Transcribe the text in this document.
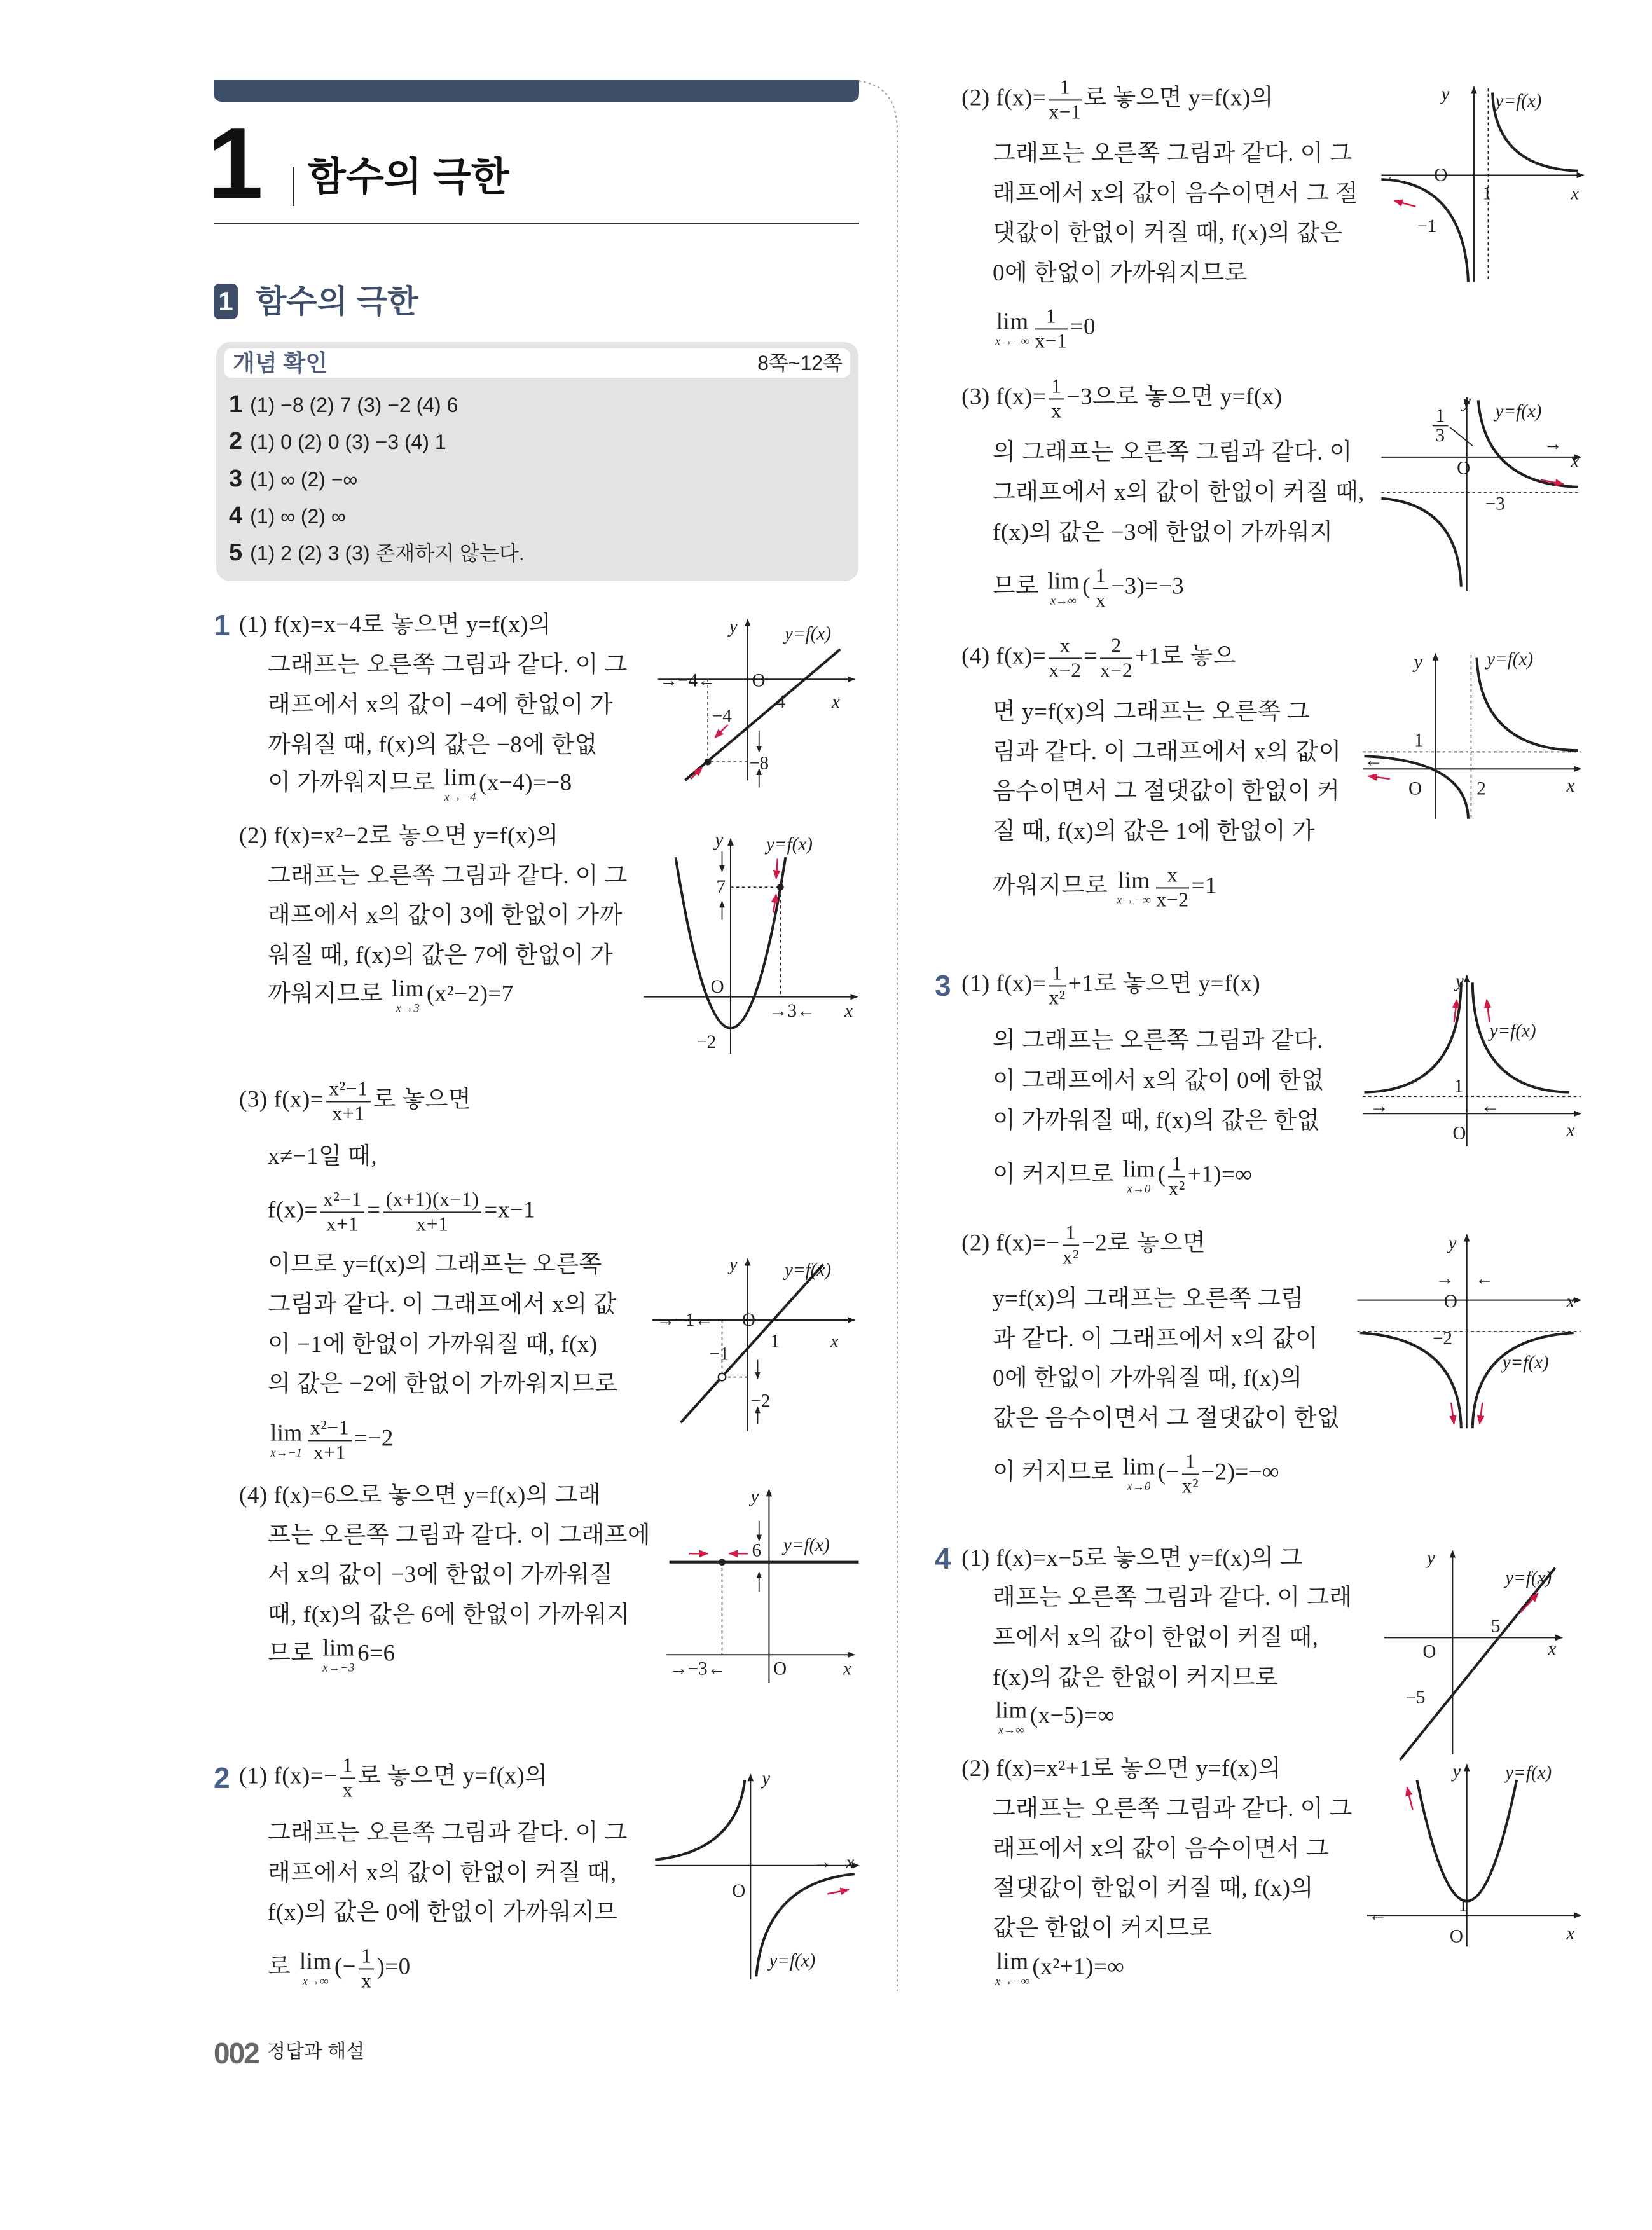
1 함수의 극한
1 함수의 극한
개념 확인	8쪽~12쪽
1 (1) −8 (2) 7 (3) −2 (4) 6
2 (1) 0 (2) 0 (3) −3 (4) 1
3 (1) ∞ (2) −∞
4 (1) ∞ (2) ∞
5 (1) 2 (2) 3 (3) 존재하지 않는다.
1 (1) f(x)=x−4로 놓으면 y=f(x)의
그래프는 오른쪽 그림과 같다. 이 그
래프에서 x의 값이 −4에 한없이 가
까워질 때, f(x)의 값은 −8에 한없
이 가까워지므로 lim
x→−4
(x−4)=−8
(2) f(x)=x²−2로 놓으면 y=f(x)의
그래프는 오른쪽 그림과 같다. 이 그
래프에서 x의 값이 3에 한없이 가까
워질 때, f(x)의 값은 7에 한없이 가
까워지므로 lim
x→3
(x²−2)=7
(3) $f(x)= \frac{\text{x²−1}}{x+1}$ 로 놓으면
x≠−1일 때,
$f(x)= \frac{\text{x²−1}}{x+1} = \frac{(x+1)(x-1)}{x+1} =x-1$
이므로 y=f(x)의 그래프는 오른쪽
그림과 같다. 이 그래프에서 x의 값
이 −1에 한없이 가까워질 때, f(x)
의 값은 −2에 한없이 가까워지므로
lim
$x\to-1 \frac{\text{x²−1}}{x+1} =-2$
(4) f(x)=6으로 놓으면 y=f(x)의 그래
프는 오른쪽 그림과 같다. 이 그래프에
서 x의 값이 −3에 한없이 가까워질
때, f(x)의 값은 6에 한없이 가까워지
므로 lim
x→−3
6=6
2 (1) $f(x)=- \frac{1}{x}$ 로 놓으면 y=f(x)의
그래프는 오른쪽 그림과 같다. 이 그
래프에서 x의 값이 한없이 커질 때,
f(x)의 값은 0에 한없이 가까워지므
로 lim
x→∞
(− $\frac{1}{x} )=0$
(2) $f(x)= \frac{1}{x-1}$ 로 놓으면 y=f(x)의
그래프는 오른쪽 그림과 같다. 이 그
래프에서 x의 값이 음수이면서 그 절
댓값이 한없이 커질 때, f(x)의 값은
0에 한없이 가까워지므로
lim
$x\to-\infty \frac{1}{x-1} =0$
(3) $f(x)= \frac{1}{x} -3$으로 놓으면 y=f(x)
의 그래프는 오른쪽 그림과 같다. 이
그래프에서 x의 값이 한없이 커질 때,
f(x)의 값은 −3에 한없이 가까워지
므로 lim
x→∞
( $\frac{1}{x} -3)=-3$
(4) $f(x)= \frac{x}{x-2} = \frac{2}{x-2} +1$로 놓으
면 y=f(x)의 그래프는 오른쪽 그
림과 같다. 이 그래프에서 x의 값이
음수이면서 그 절댓값이 한없이 커
질 때, f(x)의 값은 1에 한없이 가
까워지므로 lim
$x\to-\infty \frac{x}{x-2} =1$
3 (1) $f(x)= \frac{1}{\text{x²}} +1$로 놓으면 y=f(x)
의 그래프는 오른쪽 그림과 같다.
이 그래프에서 x의 값이 0에 한없
이 가까워질 때, f(x)의 값은 한없
이 커지므로 lim
x→0
( $\frac{1}{\text{x²}} +1)=\infty$
(2) $f(x)=- \frac{1}{\text{x²}} -2$로 놓으면
y=f(x)의 그래프는 오른쪽 그림
과 같다. 이 그래프에서 x의 값이
0에 한없이 가까워질 때, f(x)의
값은 음수이면서 그 절댓값이 한없
이 커지므로 lim
x→0
(− $\frac{1}{\text{x²}} -2)=-\infty$
4 (1) f(x)=x−5로 놓으면 y=f(x)의 그
래프는 오른쪽 그림과 같다. 이 그래
프에서 x의 값이 한없이 커질 때,
f(x)의 값은 한없이 커지므로
lim
x→∞
(x−5)=∞
(2) f(x)=x²+1로 놓으면 y=f(x)의
그래프는 오른쪽 그림과 같다. 이 그
래프에서 x의 값이 음수이면서 그
절댓값이 한없이 커질 때, f(x)의
값은 한없이 커지므로
lim
x→−∞
(x²+1)=∞
y	y=f(x)
O
4	x
−4
−8
→−4←
y	y=f(x)
7
O
→3←	x
−2
y	y=f(x)
→−1←	O
1	x
−1
−2
y
6	y=f(x)
→−3←	O	x
y
→ x
O
y=f(x)
y	y=f(x)
←	O
1	x
−1
y	y=f(x)
1
3
O	x
−3
→
y	y=f(x)
1
O	2	x
←
y
y=f(x)
1
O	x
→	←
y
O	x
−2
y=f(x)
→	←
y
y=f(x)
5
O	x
−5
y	y=f(x)
1
O	x
←
002 정답과 해설
